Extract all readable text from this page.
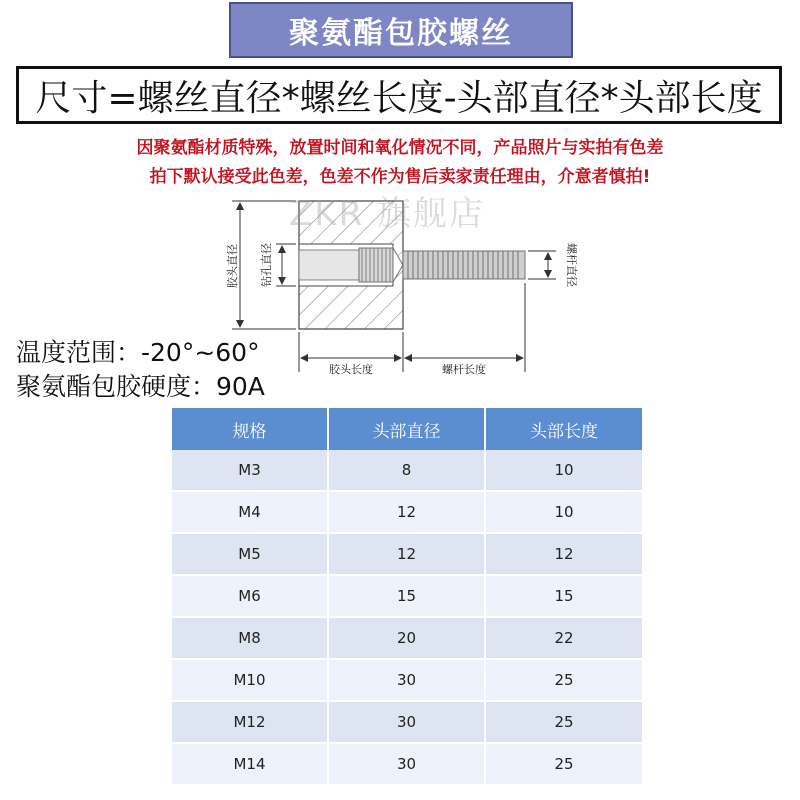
聚氨酯包胶螺丝
尺寸=螺丝直径*螺丝长度-头部直径*头部长度
因聚氨酯材质特殊，放置时间和氧化情况不同，产品照片与实拍有色差
拍下默认接受此色差，色差不作为售后卖家责任理由，介意者慎拍!
胶头直径 钻孔直径	螺杆直径
胶头长度	螺杆长度
ZKR 旗舰店
温度范围：-20°~60°
聚氨酯包胶硬度：90A
规格	头部直径	头部长度
M3	8	10
M4	12	10
M5	12	12
M6	15	15
M8	20	22
M10	30	25
M12	30	25
M14	30	25
